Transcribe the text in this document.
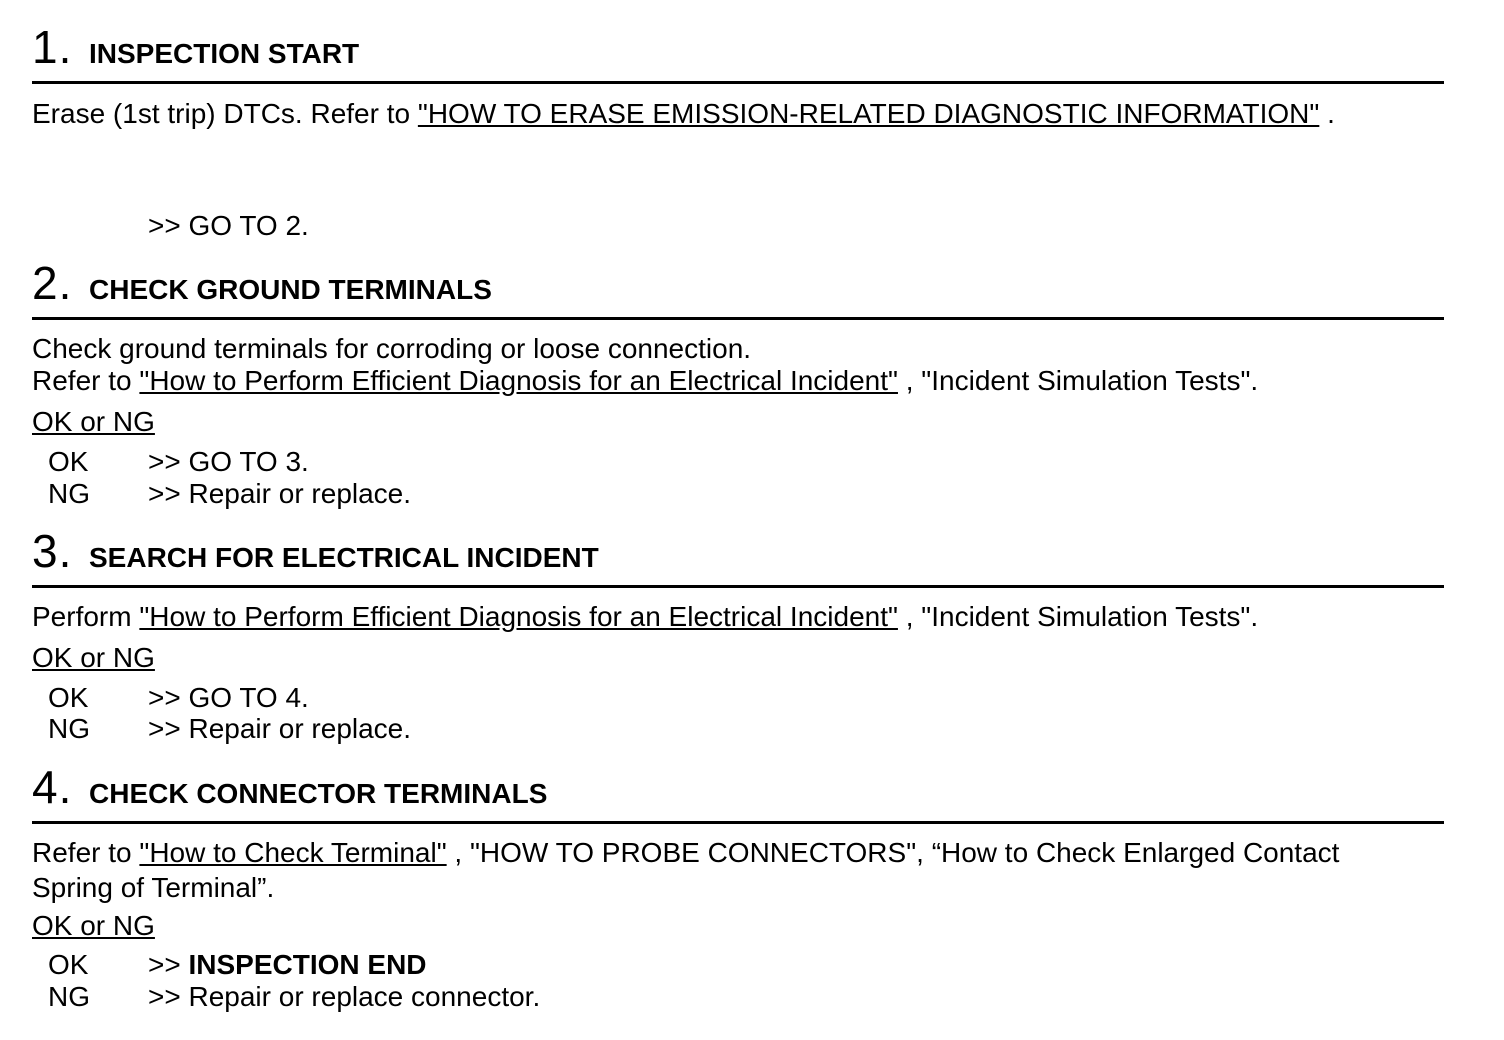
1. INSPECTION START
Erase (1st trip) DTCs. Refer to "HOW TO ERASE EMISSION-RELATED DIAGNOSTIC INFORMATION" .
>> GO TO 2.
2. CHECK GROUND TERMINALS
Check ground terminals for corroding or loose connection.
Refer to "How to Perform Efficient Diagnosis for an Electrical Incident" , "Incident Simulation Tests".
OK or NG
OK >> GO TO 3.
NG >> Repair or replace.
3. SEARCH FOR ELECTRICAL INCIDENT
Perform "How to Perform Efficient Diagnosis for an Electrical Incident" , "Incident Simulation Tests".
OK or NG
OK >> GO TO 4.
NG >> Repair or replace.
4. CHECK CONNECTOR TERMINALS
Refer to "How to Check Terminal" , "HOW TO PROBE CONNECTORS", “How to Check Enlarged Contact
Spring of Terminal”.
OK or NG
OK >> INSPECTION END
NG >> Repair or replace connector.
